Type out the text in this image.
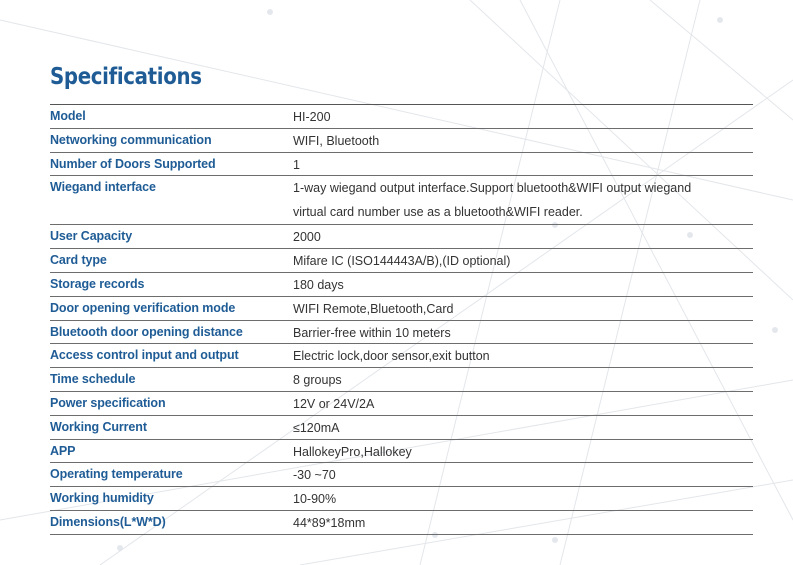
Specifications
Model	HI-200
Networking communication	WIFI, Bluetooth
Number of Doors Supported	1
Wiegand interface	1-way wiegand output interface.Support bluetooth&WIFI output wiegand virtual card number use as a bluetooth&WIFI reader.
User Capacity	2000
Card type	Mifare IC (ISO144443A/B),(ID optional)
Storage records	180 days
Door opening verification mode	WIFI Remote,Bluetooth,Card
Bluetooth door opening distance	Barrier-free within 10 meters
Access control input and output	Electric lock,door sensor,exit button
Time schedule	8 groups
Power specification	12V or 24V/2A
Working Current	≤120mA
APP	HallokeyPro,Hallokey
Operating temperature	-30 ~70
Working humidity	10-90%
Dimensions(L*W*D)	44*89*18mm
